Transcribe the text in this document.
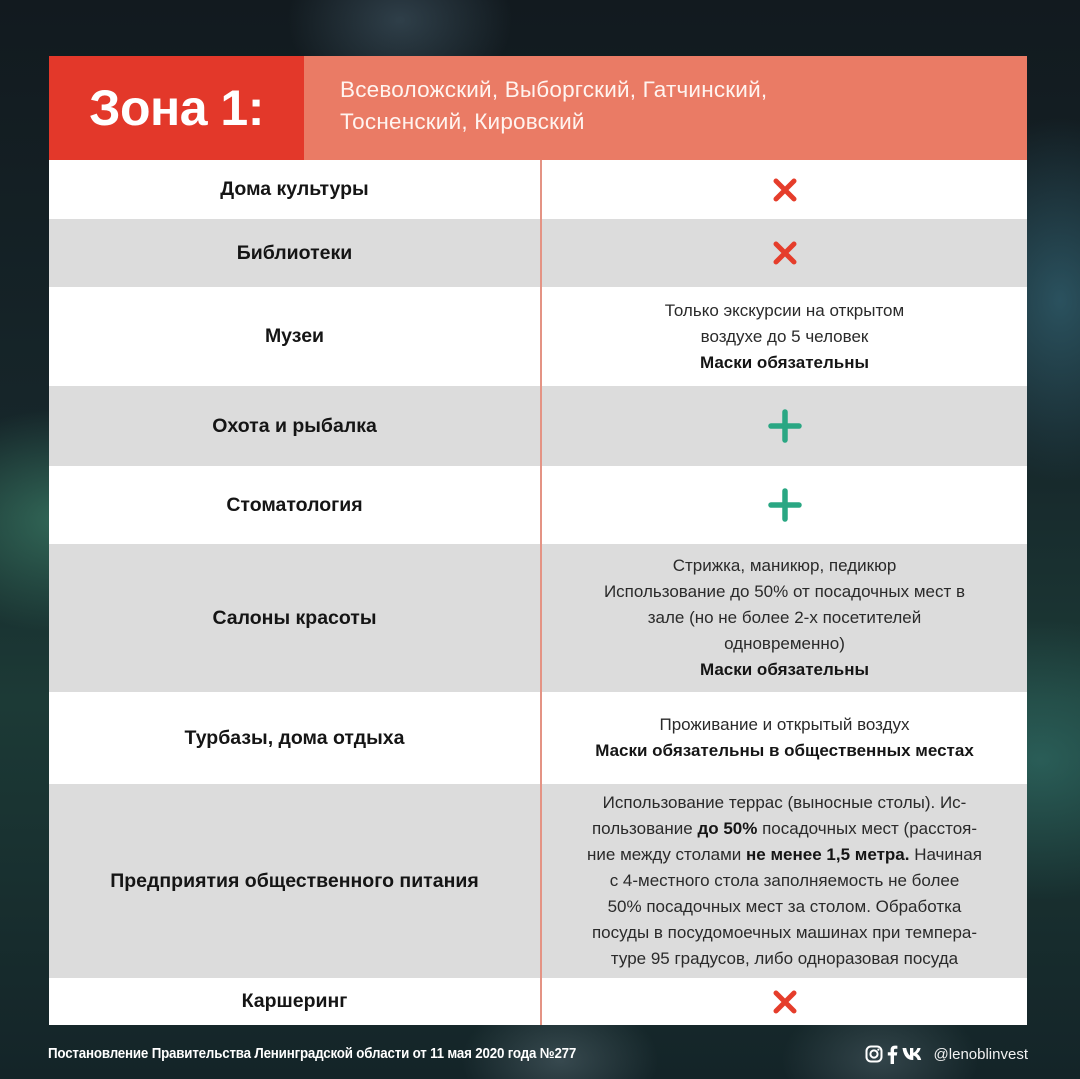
Зона 1:	Всеволожский, Выборгский, Гатчинский,
Тосненский, Кировский
Дома культуры
Библиотеки
Музеи
Только экскурсии на открытом
воздухе до 5 человек
Маски обязательны
Охота и рыбалка
Стоматология
Салоны красоты
Стрижка, маникюр, педикюр
Использование до 50% от посадочных мест в
зале (но не более 2-х посетителей
одновременно)
Маски обязательны
Турбазы, дома отдыха
Проживание и открытый воздух
Маски обязательны в общественных местах
Предприятия общественного питания
Использование террас (выносные столы). Ис-
пользование до 50% посадочных мест (расстоя-
ние между столами не менее 1,5 метра. Начиная
с 4-местного стола заполняемость не более
50% посадочных мест за столом. Обработка
посуды в посудомоечных машинах при темпера-
туре 95 градусов, либо одноразовая посуда
Каршеринг
Постановление Правительства Ленинградской области от 11 мая 2020 года №277	@lenoblinvest
